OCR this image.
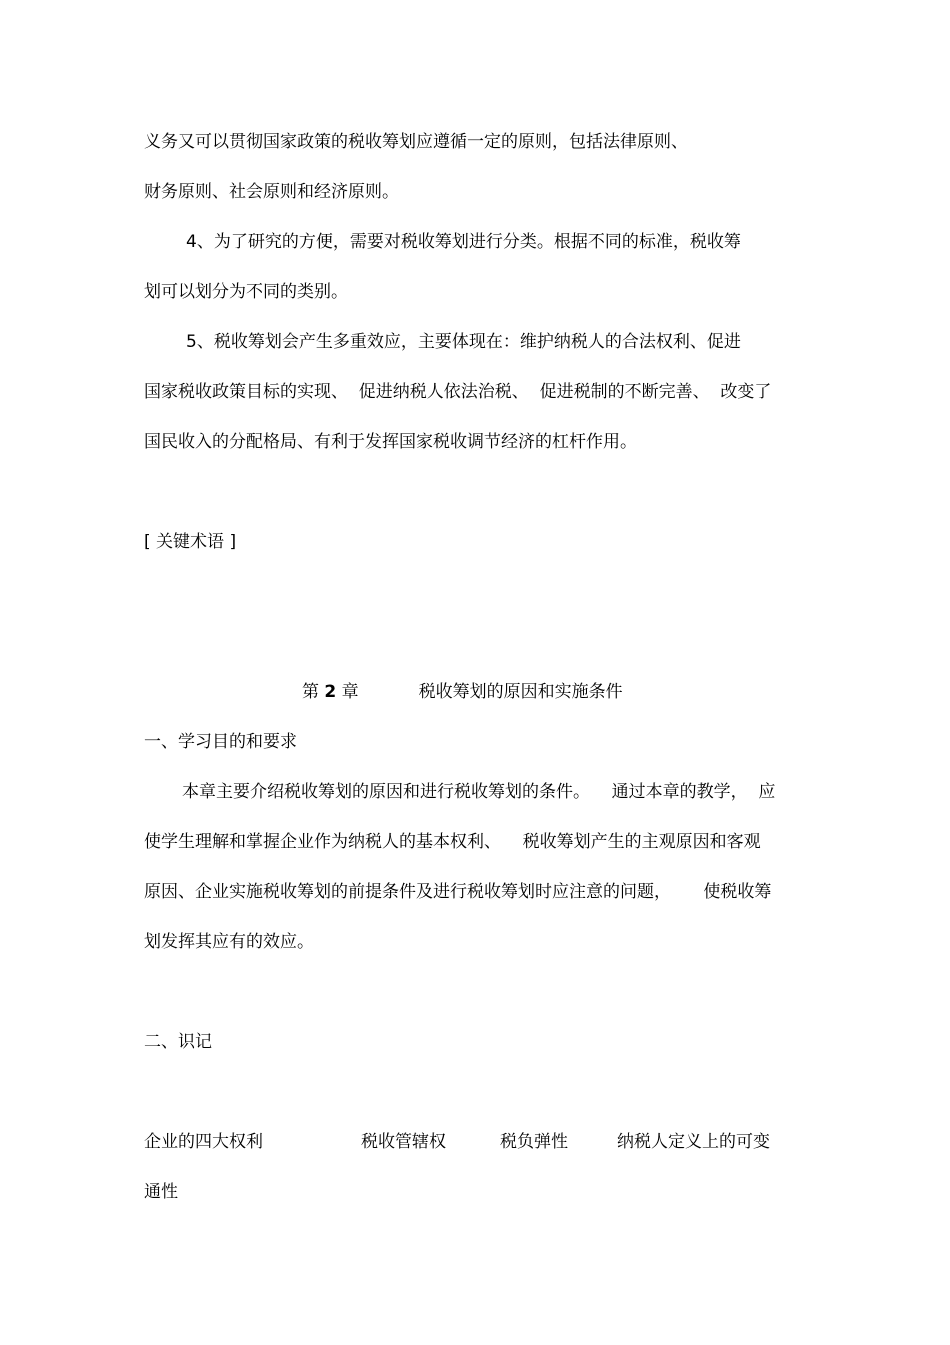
义务又可以贯彻国家政策的税收筹划应遵循一定的原则，包括法律原则、
财务原则、社会原则和经济原则。
4、为了研究的方便，需要对税收筹划进行分类。根据不同的标准，税收筹
划可以划分为不同的类别。
5、税收筹划会产生多重效应，主要体现在：维护纳税人的合法权利、促进
国家税收政策目标的实现、  促进纳税人依法治税、  促进税制的不断完善、  改变了
国民收入的分配格局、有利于发挥国家税收调节经济的杠杆作用。
[ 关键术语 ]
第 2 章	税收筹划的原因和实施条件
一、学习目的和要求
本章主要介绍税收筹划的原因和进行税收筹划的条件。    通过本章的教学，  应
使学生理解和掌握企业作为纳税人的基本权利、    税收筹划产生的主观原因和客观
原因、企业实施税收筹划的前提条件及进行税收筹划时应注意的问题，      使税收筹
划发挥其应有的效应。
二、识记
企业的四大权利	税收管辖权	税负弹性	纳税人定义上的可变
通性
